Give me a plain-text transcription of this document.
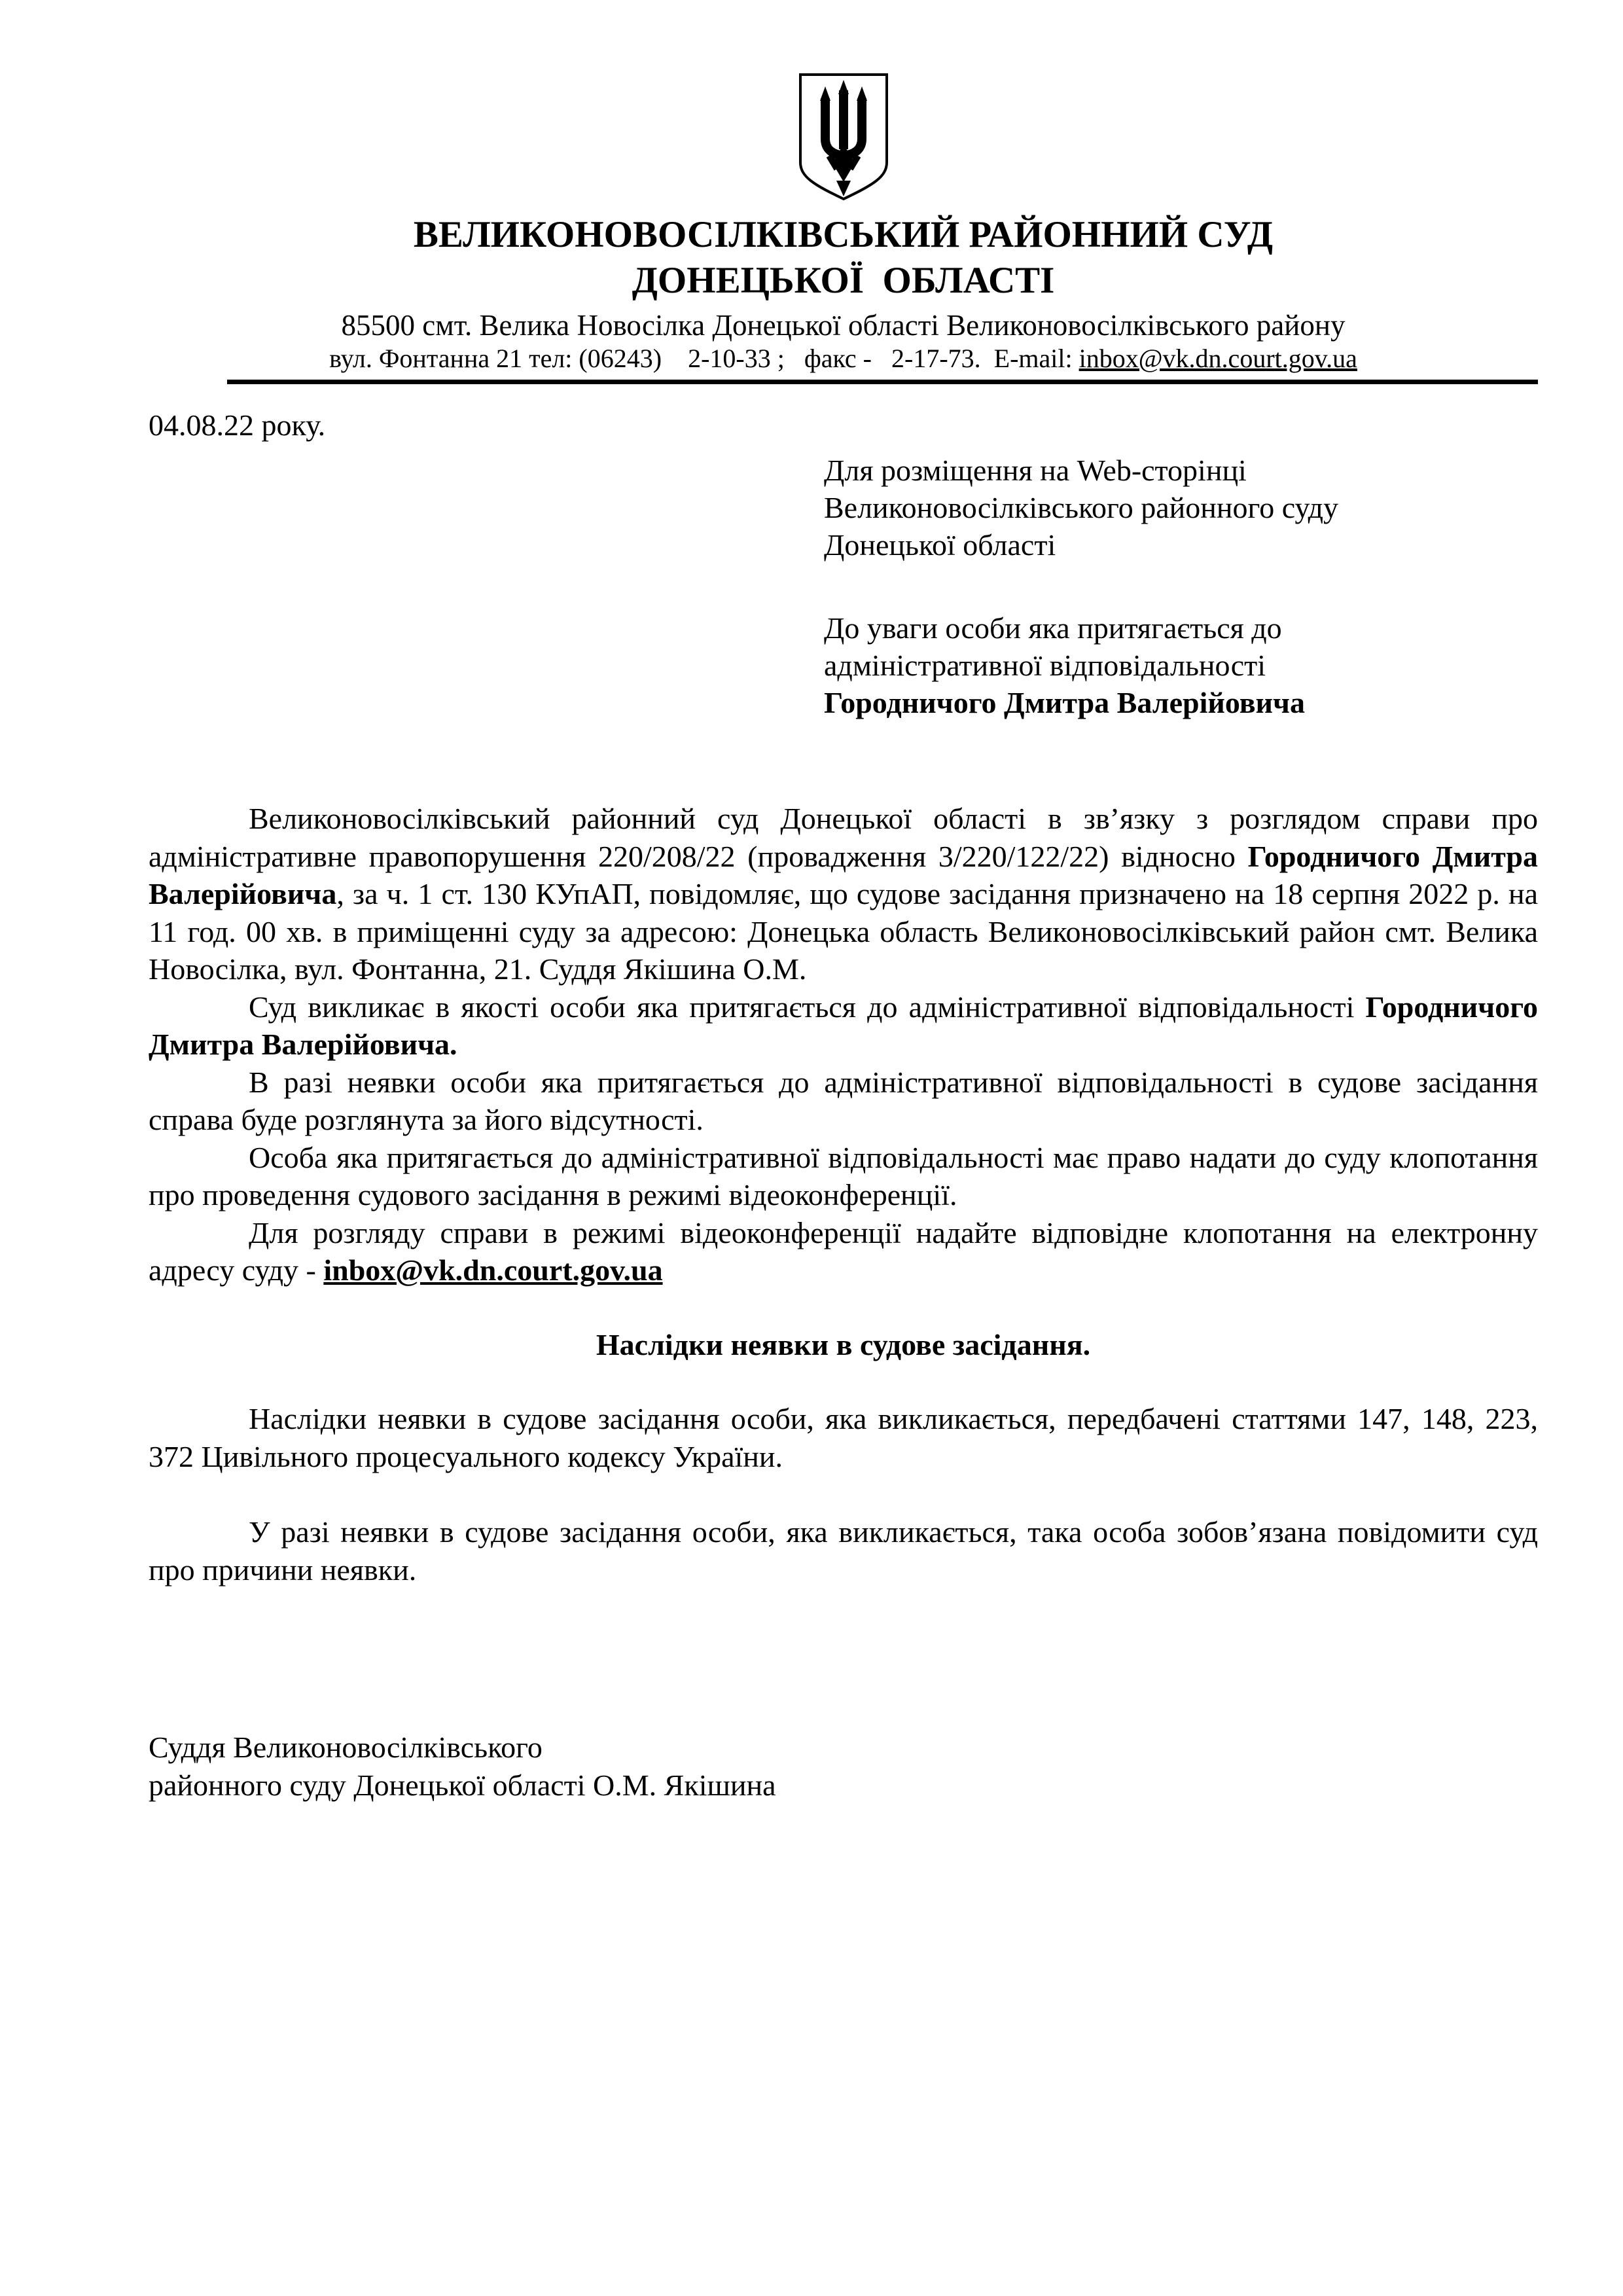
ВЕЛИКОНОВОСІЛКІВСЬКИЙ РАЙОННИЙ СУД
ДОНЕЦЬКОЇ  ОБЛАСТІ
85500 смт. Велика Новосілка Донецької області Великоновосілківського району
вул. Фонтанна 21 тел: (06243)    2-10-33 ;   факс -   2-17-73.  E-mail: inbox@vk.dn.court.gov.ua
04.08.22 року.
Для розміщення на Web-сторінці
Великоновосілківського районного суду
Донецької області
До уваги особи яка притягається до
адміністративної відповідальності
Городничого Дмитра Валерійовича

Великоновосілківський районний суд Донецької області в зв’язку з розглядом справи про адміністративне правопорушення 220/208/22 (провадження 3/220/122/22) відносно Городничого Дмитра Валерійовича, за ч. 1 ст. 130 КУпАП, повідомляє, що судове засідання призначено на 18 серпня 2022 р. на 11 год. 00 хв. в приміщенні суду за адресою: Донецька область Великоновосілківський район смт. Велика Новосілка, вул. Фонтанна, 21. Суддя Якішина О.М.

Суд викликає в якості особи яка притягається до адміністративної відповідальності Городничого Дмитра Валерійовича.

В разі неявки особи яка притягається до адміністративної відповідальності в судове засідання справа буде розглянута за його відсутності.

Особа яка притягається до адміністративної відповідальності має право надати до суду клопотання про проведення судового засідання в режимі відеоконференції.

Для розгляду справи в режимі відеоконференції надайте відповідне клопотання на електронну адресу суду - inbox@vk.dn.court.gov.ua

Наслідки неявки в судове засідання.

Наслідки неявки в судове засідання особи, яка викликається, передбачені статтями 147, 148, 223, 372 Цивільного процесуального кодексу України.

У разі неявки в судове засідання особи, яка викликається, така особа зобов’язана повідомити суд про причини неявки.

Суддя Великоновосілківського
районного суду Донецької області О.М. Якішина
